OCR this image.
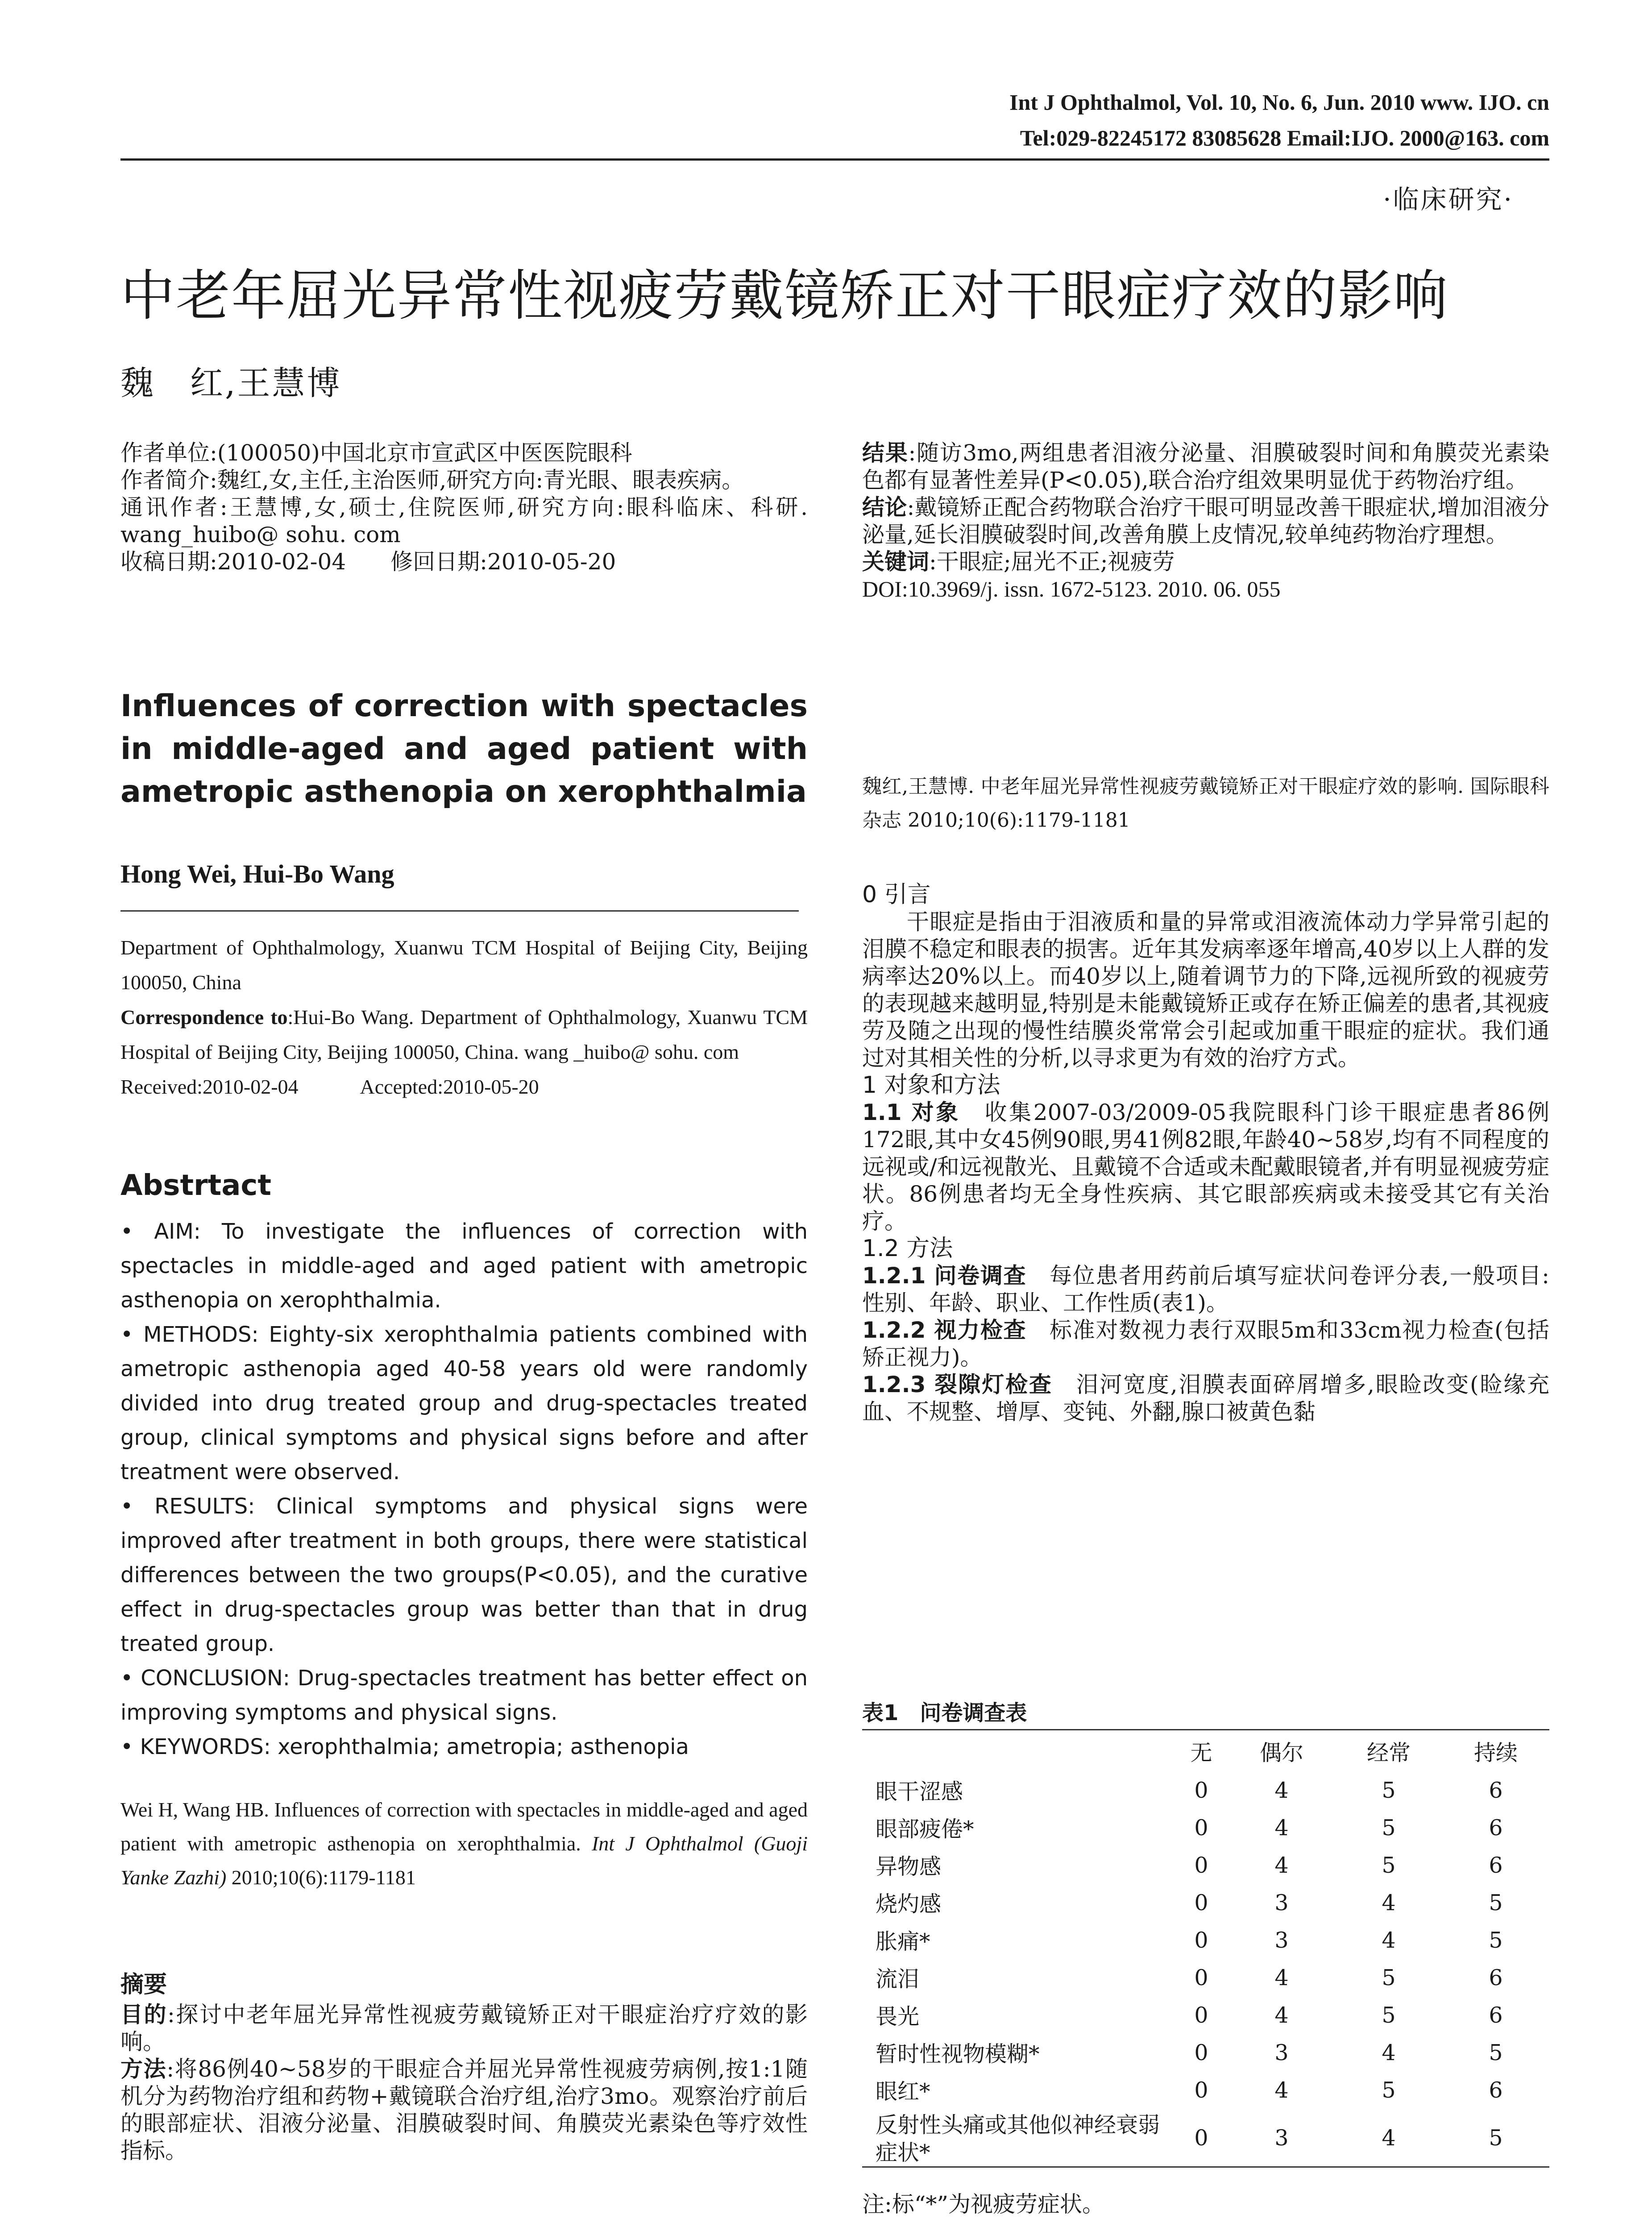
Int J Ophthalmol, Vol. 10, No. 6, Jun. 2010 www. IJO. cn
Tel:029-82245172 83085628 Email:IJO. 2000@163. com
·临床研究·
中老年屈光异常性视疲劳戴镜矫正对干眼症疗效的影响
魏　红,王慧博

作者单位:(100050)中国北京市宣武区中医医院眼科

作者简介:魏红,女,主任,主治医师,研究方向:青光眼、眼表疾病。

通讯作者:王慧博,女,硕士,住院医师,研究方向:眼科临床、科研. wang_huibo@ sohu. com

收稿日期:2010-02-04　　修回日期:2010-05-20

Influences of correction with spectacles in middle-aged and aged patient with ametropic asthenopia on xerophthalmia
Hong Wei, Hui-Bo Wang
Department of Ophthalmology, Xuanwu TCM Hospital of Beijing City, Beijing 100050, China
Correspondence to:Hui-Bo Wang. Department of Ophthalmology, Xuanwu TCM Hospital of Beijing City, Beijing 100050, China. wang _huibo@ sohu. com
Received:2010-02-04　　　Accepted:2010-05-20
Abstrtact

• AIM: To investigate the influences of correction with spectacles in middle-aged and aged patient with ametropic asthenopia on xerophthalmia.

• METHODS: Eighty-six xerophthalmia patients combined with ametropic asthenopia aged 40-58 years old were randomly divided into drug treated group and drug-spectacles treated group, clinical symptoms and physical signs before and after treatment were observed.

• RESULTS: Clinical symptoms and physical signs were improved after treatment in both groups, there were statistical differences between the two groups(P<0.05), and the curative effect in drug-spectacles group was better than that in drug treated group.

• CONCLUSION: Drug-spectacles treatment has better effect on improving symptoms and physical signs.

• KEYWORDS: xerophthalmia; ametropia; asthenopia

Wei H, Wang HB. Influences of correction with spectacles in middle-aged and aged patient with ametropic asthenopia on xerophthalmia. Int J Ophthalmol (Guoji Yanke Zazhi) 2010;10(6):1179-1181

摘要

目的:探讨中老年屈光异常性视疲劳戴镜矫正对干眼症治疗疗效的影响。

方法:将86例40~58岁的干眼症合并屈光异常性视疲劳病例,按1:1随机分为药物治疗组和药物+戴镜联合治疗组,治疗3mo。观察治疗前后的眼部症状、泪液分泌量、泪膜破裂时间、角膜荧光素染色等疗效性指标。

结果:随访3mo,两组患者泪液分泌量、泪膜破裂时间和角膜荧光素染色都有显著性差异(P<0.05),联合治疗组效果明显优于药物治疗组。

结论:戴镜矫正配合药物联合治疗干眼可明显改善干眼症状,增加泪液分泌量,延长泪膜破裂时间,改善角膜上皮情况,较单纯药物治疗理想。

关键词:干眼症;屈光不正;视疲劳

DOI:10.3969/j. issn. 1672-5123. 2010. 06. 055

魏红,王慧博. 中老年屈光异常性视疲劳戴镜矫正对干眼症疗效的影响. 国际眼科杂志 2010;10(6):1179-1181

0 引言

干眼症是指由于泪液质和量的异常或泪液流体动力学异常引起的泪膜不稳定和眼表的损害。近年其发病率逐年增高,40岁以上人群的发病率达20%以上。而40岁以上,随着调节力的下降,远视所致的视疲劳的表现越来越明显,特别是未能戴镜矫正或存在矫正偏差的患者,其视疲劳及随之出现的慢性结膜炎常常会引起或加重干眼症的症状。我们通过对其相关性的分析,以寻求更为有效的治疗方式。

1 对象和方法

1.1 对象　收集2007-03/2009-05我院眼科门诊干眼症患者86例172眼,其中女45例90眼,男41例82眼,年龄40~58岁,均有不同程度的远视或/和远视散光、且戴镜不合适或未配戴眼镜者,并有明显视疲劳症状。86例患者均无全身性疾病、其它眼部疾病或未接受其它有关治疗。

1.2 方法

1.2.1 问卷调查　每位患者用药前后填写症状问卷评分表,一般项目:性别、年龄、职业、工作性质(表1)。

1.2.2 视力检查　标准对数视力表行双眼5m和33cm视力检查(包括矫正视力)。

1.2.3 裂隙灯检查　泪河宽度,泪膜表面碎屑增多,眼睑改变(睑缘充血、不规整、增厚、变钝、外翻,腺口被黄色黏

表1　问卷调查表
	无	偶尔	经常	持续
眼干涩感	0	4	5	6
眼部疲倦*	0	4	5	6
异物感	0	4	5	6
烧灼感	0	3	4	5
胀痛*	0	3	4	5
流泪	0	4	5	6
畏光	0	4	5	6
暂时性视物模糊*	0	3	4	5
眼红*	0	4	5	6
反射性头痛或其他似神经衰弱症状*	0	3	4	5
注:标“*”为视疲劳症状。
